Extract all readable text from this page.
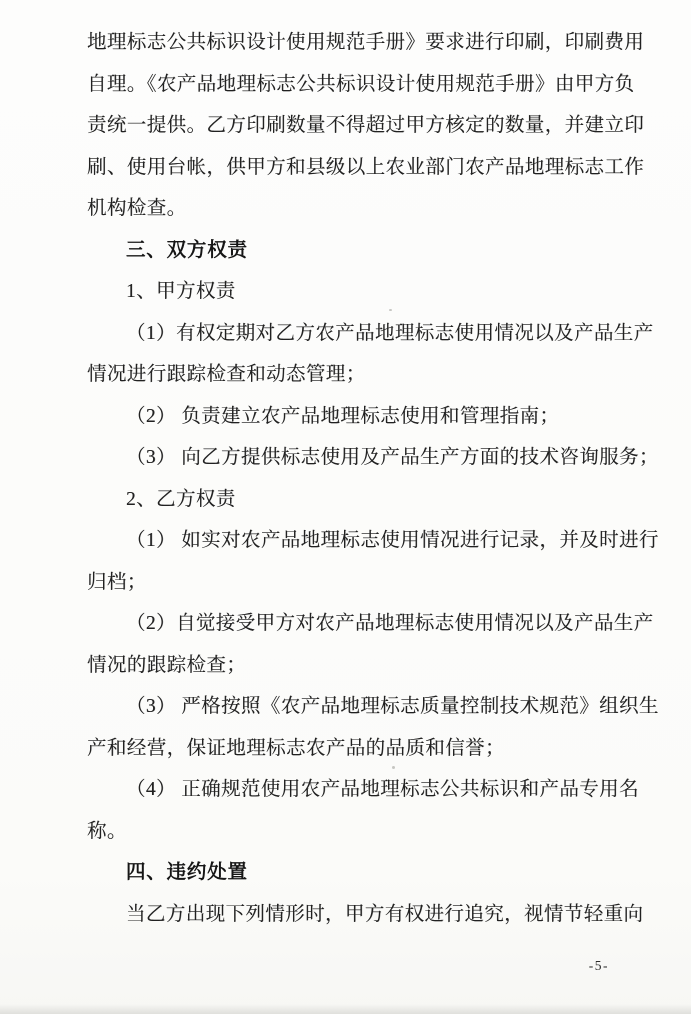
地理标志公共标识设计使用规范手册》要求进行印刷，印刷费用
自理。《农产品地理标志公共标识设计使用规范手册》由甲方负
责统一提供。乙方印刷数量不得超过甲方核定的数量，并建立印
刷、使用台帐，供甲方和县级以上农业部门农产品地理标志工作
机构检查。
三、双方权责
1、甲方权责
（1）有权定期对乙方农产品地理标志使用情况以及产品生产
情况进行跟踪检查和动态管理；
（2） 负责建立农产品地理标志使用和管理指南；
（3） 向乙方提供标志使用及产品生产方面的技术咨询服务；
2、乙方权责
（1） 如实对农产品地理标志使用情况进行记录，并及时进行
归档；
（2）自觉接受甲方对农产品地理标志使用情况以及产品生产
情况的跟踪检查；
（3） 严格按照《农产品地理标志质量控制技术规范》组织生
产和经营，保证地理标志农产品的品质和信誉；
（4） 正确规范使用农产品地理标志公共标识和产品专用名
称。
四、违约处置
当乙方出现下列情形时，甲方有权进行追究，视情节轻重向
-5-
